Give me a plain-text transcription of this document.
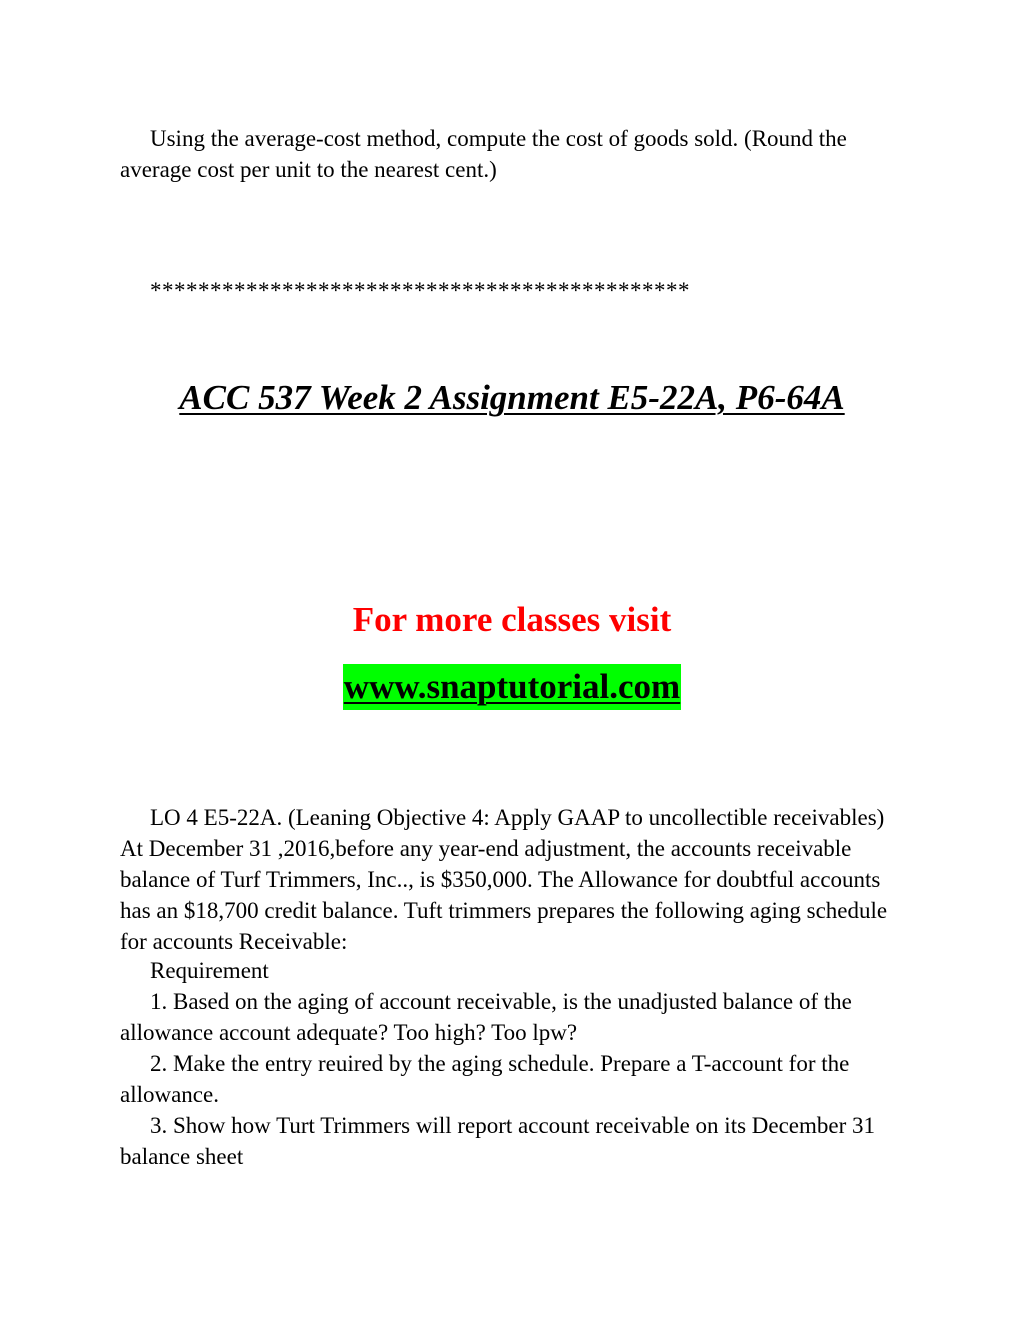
Using the average-cost method, compute the cost of goods sold. (Round the average cost per unit to the nearest cent.)

*********************************************

ACC 537 Week 2 Assignment E5-22A, P6-64A

For more classes visit

www.snaptutorial.com

LO 4 E5-22A. (Leaning Objective 4: Apply GAAP to uncollectible receivables) At December 31 ,2016,before any year-end adjustment, the accounts receivable balance of Turf Trimmers, Inc.., is $350,000. The Allowance for doubtful accounts has an $18,700 credit balance. Tuft trimmers prepares the following aging schedule for accounts Receivable:

Requirement

1. Based on the aging of account receivable, is the unadjusted balance of the allowance account adequate? Too high? Too lpw?

2. Make the entry reuired by the aging schedule. Prepare a T-account for the allowance.

3. Show how Turt Trimmers will report account receivable on its December 31 balance sheet
